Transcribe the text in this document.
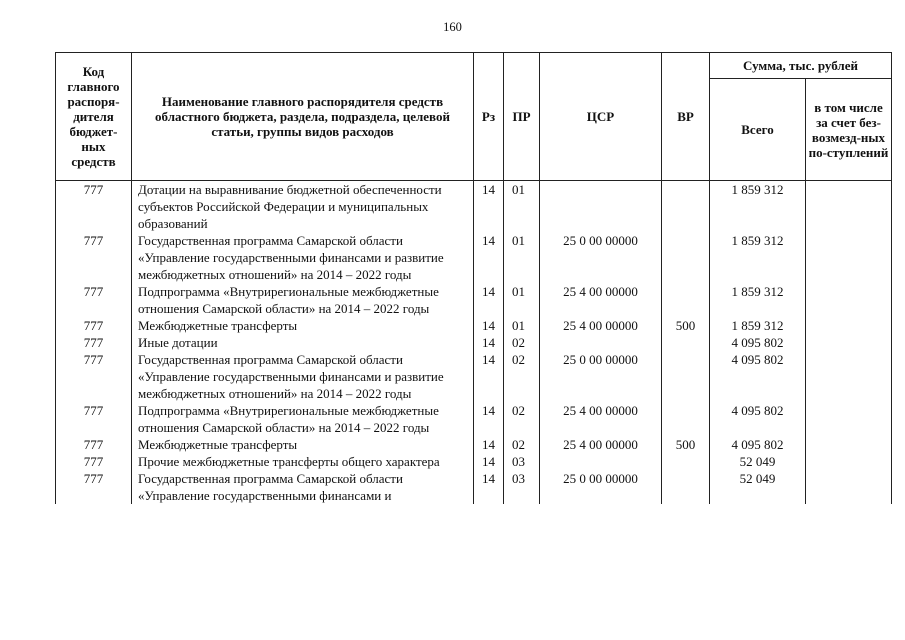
160
Код главного распоря-дителя бюджет-ных средств	Наименование главного распорядителя средств областного бюджета, раздела, подраздела, целевой статьи, группы видов расходов	Рз	ПР	ЦСР	ВР	Сумма, тыс. рублей	
						Всего	в том числе за счет без-возмезд-ных по-ступлений
777	Дотации на выравнивание бюджетной обеспеченности субъектов Российской Федерации и муниципальных образований	14	01			1 859 312	
777	Государственная программа Самарской области «Управление государственными финансами и развитие межбюджетных отношений» на 2014 – 2022 годы	14	01	25 0 00 00000		1 859 312	
777	Подпрограмма «Внутрирегиональные межбюджетные отношения Самарской области» на 2014 – 2022 годы	14	01	25 4 00 00000		1 859 312	
777	Межбюджетные трансферты	14	01	25 4 00 00000	500	1 859 312	
777	Иные дотации	14	02			4 095 802	
777	Государственная программа Самарской области «Управление государственными финансами и развитие межбюджетных отношений» на 2014 – 2022 годы	14	02	25 0 00 00000		4 095 802	
777	Подпрограмма «Внутрирегиональные межбюджетные отношения Самарской области» на 2014 – 2022 годы	14	02	25 4 00 00000		4 095 802	
777	Межбюджетные трансферты	14	02	25 4 00 00000	500	4 095 802	
777	Прочие межбюджетные трансферты общего характера	14	03			52 049	
777	Государственная программа Самарской области «Управление государственными финансами и	14	03	25 0 00 00000		52 049	
